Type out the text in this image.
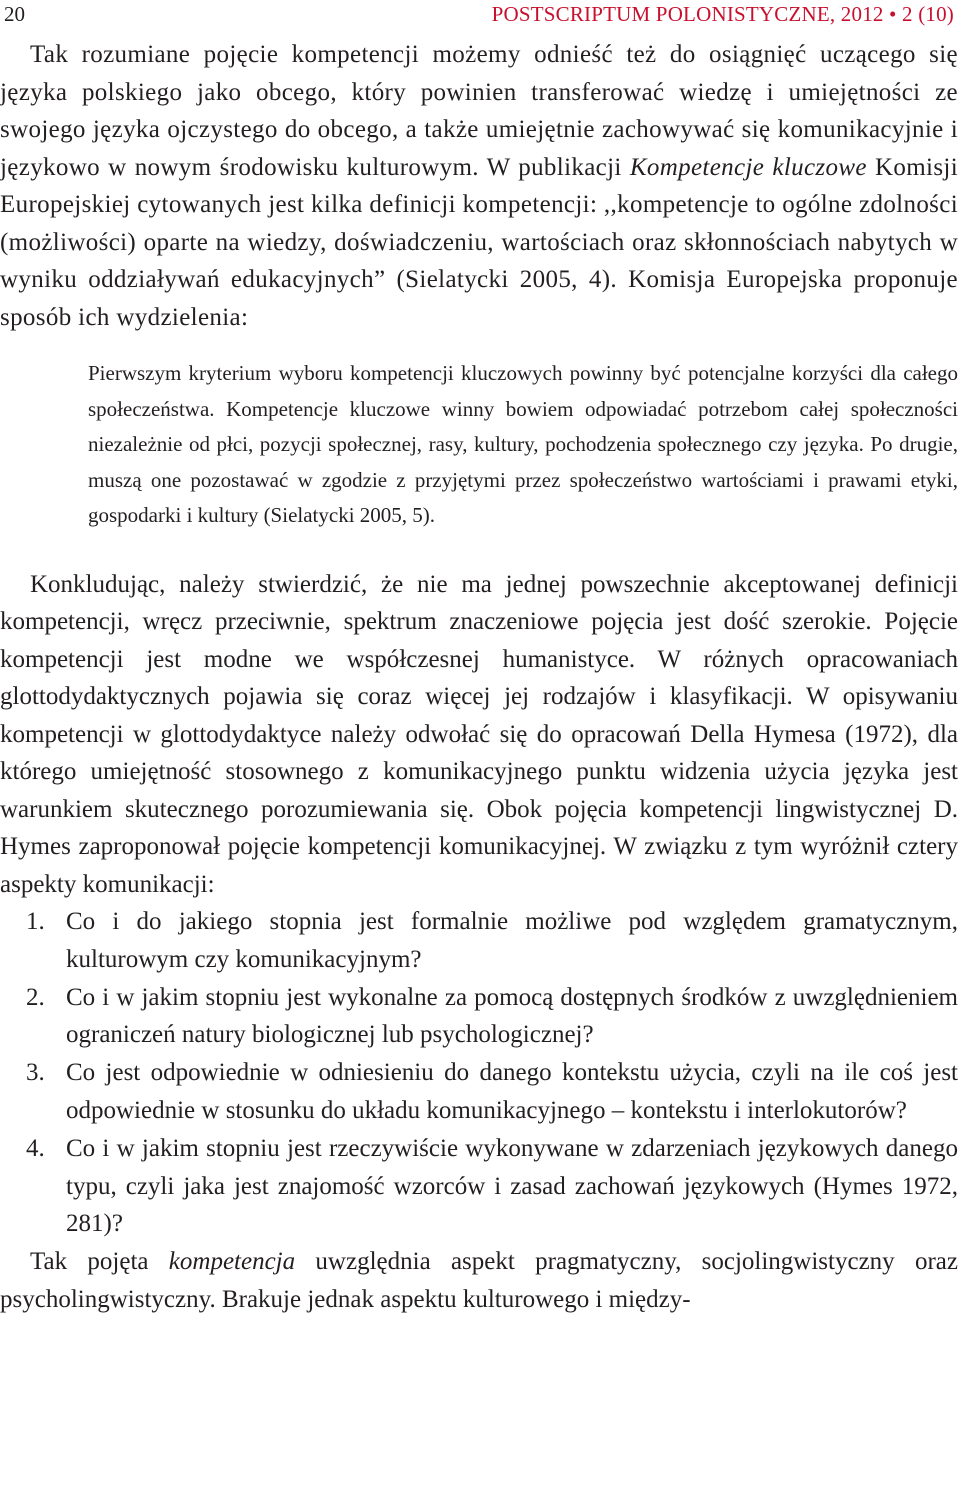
20	POSTSCRIPTUM POLONISTYCZNE, 2012 • 2 (10)

Tak rozumiane pojęcie kompetencji możemy odnieść też do osiągnięć uczącego się języka polskiego jako obcego, który powinien transferować wiedzę i umiejętności ze swojego języka ojczystego do obcego, a także umiejętnie zachowywać się komunikacyjnie i językowo w nowym środowisku kulturowym. W publikacji Kompetencje kluczowe Komisji Europejskiej cytowanych jest kilka definicji kompetencji: ,,kompetencje to ogólne zdolności (możliwości) oparte na wiedzy, doświadczeniu, wartościach oraz skłonnościach nabytych w wyniku oddziaływań edukacyjnych” (Sielatycki 2005, 4). Komisja Europejska proponuje sposób ich wydzielenia:

Pierwszym kryterium wyboru kompetencji kluczowych powinny być potencjalne korzyści dla całego społeczeństwa. Kompetencje kluczowe winny bowiem odpowiadać potrzebom całej społeczności niezależnie od płci, pozycji społecznej, rasy, kultury, pochodzenia społecznego czy języka. Po drugie, muszą one pozostawać w zgodzie z przyjętymi przez społeczeństwo wartościami i prawami etyki, gospodarki i kultury (Sielatycki 2005, 5).

Konkludując, należy stwierdzić, że nie ma jednej powszechnie akceptowanej definicji kompetencji, wręcz przeciwnie, spektrum znaczeniowe pojęcia jest dość szerokie. Pojęcie kompetencji jest modne we współczesnej humanistyce. W różnych opracowaniach glottodydaktycznych pojawia się coraz więcej jej rodzajów i klasyfikacji. W opisywaniu kompetencji w glottodydaktyce należy odwołać się do opracowań Della Hymesa (1972), dla którego umiejętność stosownego z komunikacyjnego punktu widzenia użycia języka jest warunkiem skutecznego porozumiewania się. Obok pojęcia kompetencji lingwistycznej D. Hymes zaproponował pojęcie kompetencji komunikacyjnej. W związku z tym wyróżnił cztery aspekty komunikacji:

1. Co i do jakiego stopnia jest formalnie możliwe pod względem gramatycznym, kulturowym czy komunikacyjnym?
2. Co i w jakim stopniu jest wykonalne za pomocą dostępnych środków z uwzględnieniem ograniczeń natury biologicznej lub psychologicznej?
3. Co jest odpowiednie w odniesieniu do danego kontekstu użycia, czyli na ile coś jest odpowiednie w stosunku do układu komunikacyjnego – kontekstu i interlokutorów?
4. Co i w jakim stopniu jest rzeczywiście wykonywane w zdarzeniach językowych danego typu, czyli jaka jest znajomość wzorców i zasad zachowań językowych (Hymes 1972, 281)?

Tak pojęta kompetencja uwzględnia aspekt pragmatyczny, socjolingwistyczny oraz psycholingwistyczny. Brakuje jednak aspektu kulturowego i między-
